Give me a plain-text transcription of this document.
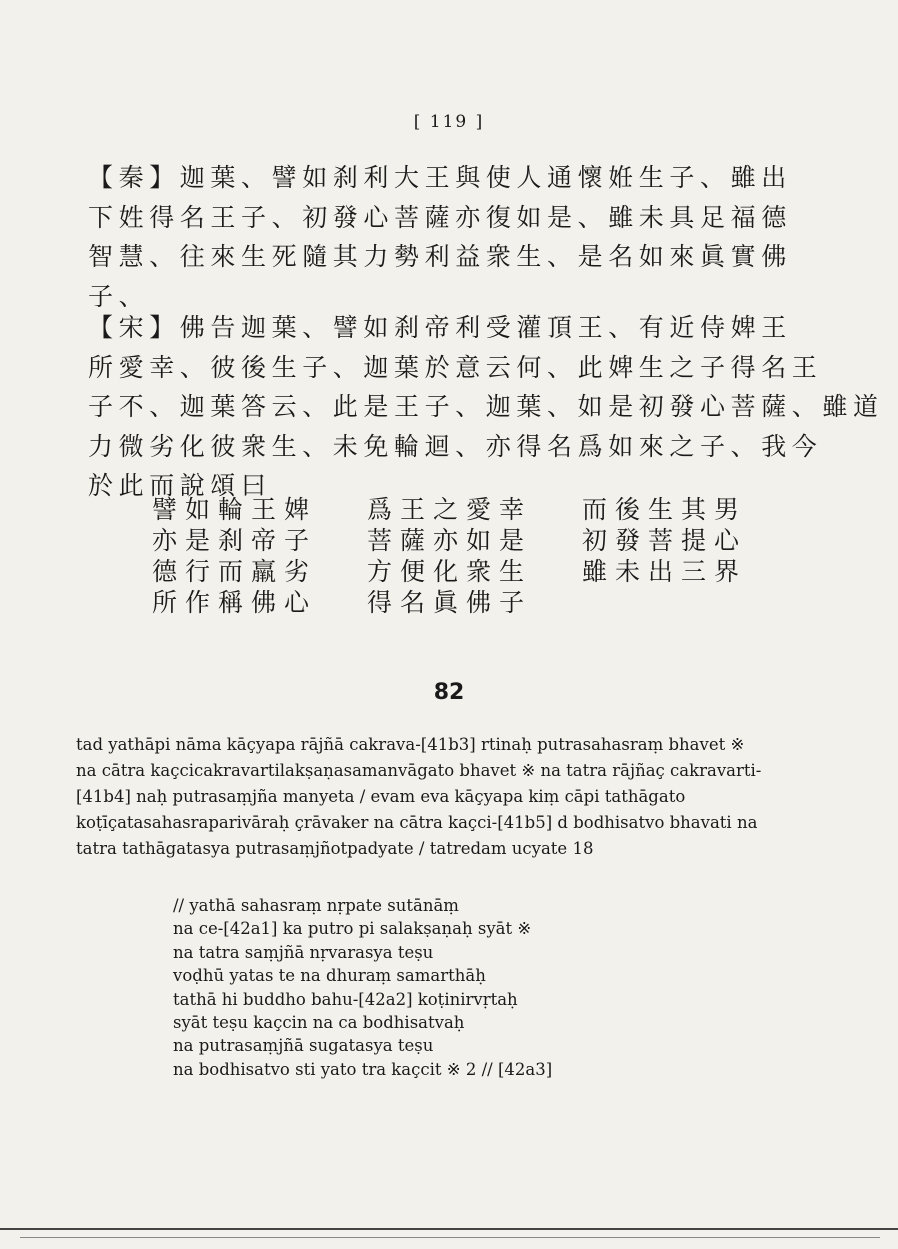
[ 119 ]
【秦】迦葉、譬如刹利大王與使人通懷姙生子、雖出
下姓得名王子、初發心菩薩亦復如是、雖未具足福德
智慧、往來生死隨其力勢利益衆生、是名如來眞實佛
子、
【宋】佛告迦葉、譬如刹帝利受灌頂王、有近侍婢王
所愛幸、彼後生子、迦葉於意云何、此婢生之子得名王
子不、迦葉答云、此是王子、迦葉、如是初發心菩薩、雖道
力微劣化彼衆生、未免輪迴、亦得名爲如來之子、我今
於此而說頌曰
譬如輪王婢
亦是刹帝子
德行而羸劣
所作稱佛心
爲王之愛幸
菩薩亦如是
方便化衆生
得名眞佛子
而後生其男
初發菩提心
雖未出三界
82
tad yathāpi nāma kāçyapa rājñā cakrava-[41b3] rtinaḥ putrasahasraṃ bhavet ※
na cātra kaçcicakravartilakṣaṇasamanvāgato bhavet ※ na tatra rājñaç cakravarti-
[41b4] naḥ putrasaṃjña manyeta / evam eva kāçyapa kiṃ cāpi tathāgato
koṭīçatasahasraparivāraḥ çrāvaker na cātra kaçci-[41b5] d bodhisatvo bhavati na
tatra tathāgatasya putrasaṃjñotpadyate / tatredam ucyate 18
// yathā sahasraṃ nṛpate sutānāṃ
na ce-[42a1] ka putro pi salakṣaṇaḥ syāt ※
na tatra saṃjñā nṛvarasya teṣu
voḍhū yatas te na dhuraṃ samarthāḥ
tathā hi buddho bahu-[42a2] koṭinirvṛtaḥ
syāt teṣu kaçcin na ca bodhisatvaḥ
na putrasaṃjñā sugatasya teṣu
na bodhisatvo sti yato tra kaçcit ※ 2 // [42a3]
